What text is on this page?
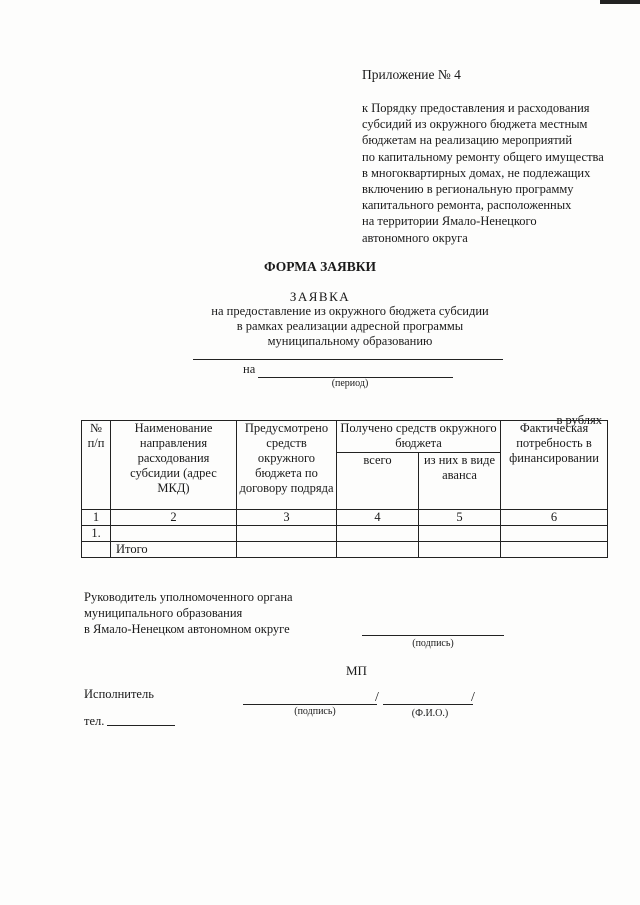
Приложение № 4
к Порядку предоставления и расходования
субсидий из окружного бюджета местным
бюджетам на реализацию мероприятий
по капитальному ремонту общего имущества
в многоквартирных домах, не подлежащих
включению в региональную программу
капитального ремонта, расположенных
на территории Ямало-Ненецкого
автономного округа
ФОРМА ЗАЯВКИ
ЗАЯВКА
на предоставление из окружного бюджета субсидии
в рамках реализации адресной программы
муниципальному образованию
на
(период)
в рублях
№ п/п	Наименование направления расходования субсидии (адрес МКД)	Предусмотрено средств окружного бюджета по договору подряда	Получено средств окружного бюджета		Фактическая потребность в финансировании
			всего	из них в виде аванса	
1	2	3	4	5	6
1.					
	Итого				
Руководитель уполномоченного органа
муниципального образования
в Ямало-Ненецком автономном округе
(подпись)
МП
Исполнитель	/	/
(подпись)	(Ф.И.О.)
тел.
